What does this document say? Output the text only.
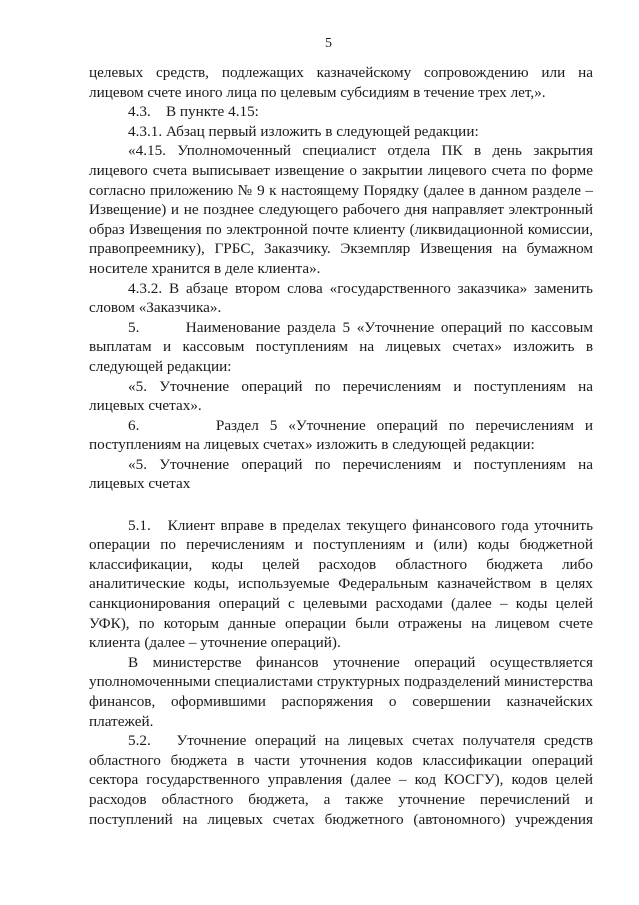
5

целевых средств, подлежащих казначейскому сопровождению или на лицевом счете иного лица по целевым субсидиям в течение трех лет,».

4.3.    В пункте 4.15:

4.3.1. Абзац первый изложить в следующей редакции:

«4.15. Уполномоченный специалист отдела ПК в день закрытия лицевого счета выписывает извещение о закрытии лицевого счета по форме согласно приложению № 9 к настоящему Порядку (далее в данном разделе – Извещение) и не позднее следующего рабочего дня направляет электронный образ Извещения по электронной почте клиенту (ликвидационной комиссии, правопреемнику), ГРБС, Заказчику. Экземпляр Извещения на бумажном носителе хранится в деле клиента».

4.3.2. В абзаце втором слова «государственного заказчика» заменить словом «Заказчика».

5.       Наименование раздела 5 «Уточнение операций по кассовым выплатам и кассовым поступлениям на лицевых счетах» изложить в следующей редакции:

«5. Уточнение операций по перечислениям и поступлениям на лицевых счетах».

6.       Раздел 5 «Уточнение операций по перечислениям и поступлениям на лицевых счетах» изложить в следующей редакции:

«5. Уточнение операций по перечислениям и поступлениям на лицевых счетах

5.1.   Клиент вправе в пределах текущего финансового года уточнить операции по перечислениям и поступлениям и (или) коды бюджетной классификации, коды целей расходов областного бюджета либо аналитические коды, используемые Федеральным казначейством в целях санкционирования операций с целевыми расходами (далее – коды целей УФК), по которым данные операции были отражены на лицевом счете клиента (далее – уточнение операций).

В министерстве финансов уточнение операций осуществляется уполномоченными специалистами структурных подразделений министерства финансов, оформившими распоряжения о совершении казначейских платежей.

5.2.   Уточнение операций на лицевых счетах получателя средств областного бюджета в части уточнения кодов классификации операций сектора государственного управления (далее – код КОСГУ), кодов целей расходов областного бюджета, а также уточнение перечислений и поступлений на лицевых счетах бюджетного (автономного) учреждения
